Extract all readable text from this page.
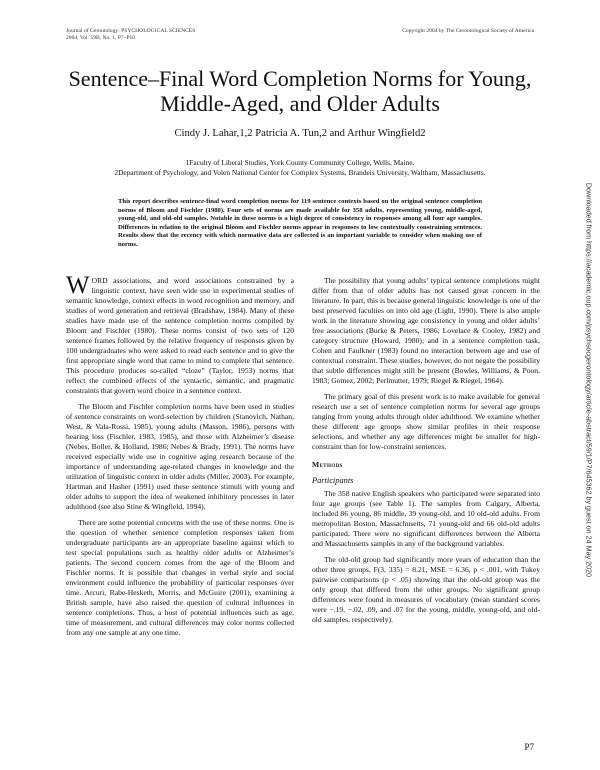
Journal of Gerontology: PSYCHOLOGICAL SCIENCES
2004, Vol. 59B, No. 1, P7–P10
Copyright 2004 by The Gerontological Society of America
Sentence–Final Word Completion Norms for Young, Middle-Aged, and Older Adults
Cindy J. Lahar,1,2 Patricia A. Tun,2 and Arthur Wingfield2
1Faculty of Liberal Studies, York County Community College, Wells, Maine.
2Department of Psychology, and Volen National Center for Complex Systems, Brandeis University, Waltham, Massachusetts.
This report describes sentence-final word completion norms for 119 sentence contexts based on the original sentence completion norms of Bloom and Fischler (1980). Four sets of norms are made available for 358 adults, representing young, middle-aged, young-old, and old-old samples. Notable in these norms is a high degree of consistency in responses among all four age samples. Differences in relation to the original Bloom and Fischler norms appear in responses to low contextually constraining sentences. Results show that the recency with which normative data are collected is an important variable to consider when making use of norms.

WORD associations, and word associations constrained by a linguistic context, have seen wide use in experimental studies of semantic knowledge, context effects in word recognition and memory, and studies of word generation and retrieval (Bradshaw, 1984). Many of these studies have made use of the sentence completion norms compiled by Bloom and Fischler (1980). These norms consist of two sets of 120 sentence frames followed by the relative frequency of responses given by 100 undergraduates who were asked to read each sentence and to give the first appropriate single word that came to mind to complete that sentence. This procedure produces so-called “cloze” (Taylor, 1953) norms that reflect the combined effects of the syntactic, semantic, and pragmatic constraints that govern word choice in a sentence context.

The Bloom and Fischler completion norms have been used in studies of sentence constraints on word-selection by children (Stanovich, Nathan, West, & Vala-Rossi, 1985), young adults (Masson, 1986), persons with hearing loss (Fischler, 1983, 1985), and those with Alzheimer’s disease (Nebes, Boller, & Holland, 1986; Nebes & Brady, 1991). The norms have received especially wide use in cognitive aging research because of the importance of understanding age-related changes in knowledge and the utilization of linguistic context in older adults (Miller, 2003). For example, Hartman and Hasher (1991) used these sentence stimuli with young and older adults to support the idea of weakened inhibitory processes in later adulthood (see also Stine & Wingfield, 1994).

There are some potential concerns with the use of these norms. One is the question of whether sentence completion responses taken from undergraduate participants are an appropriate baseline against which to test special populations such as healthy older adults or Alzheimer’s patients. The second concern comes from the age of the Bloom and Fischler norms. It is possible that changes in verbal style and social environment could influence the probability of particular responses over time. Arcuri, Rabe-Hesketh, Morris, and McGuire (2001), examining a British sample, have also raised the question of cultural influences in sentence completions. Thus, a host of potential influences such as age, time of measurement, and cultural differences may color norms collected from any one sample at any one time.

The possibility that young adults’ typical sentence completions might differ from that of older adults has not caused great concern in the literature. In part, this is because general linguistic knowledge is one of the best preserved faculties on into old age (Light, 1990). There is also ample work in the literature showing age consistency in young and older adults’ free associations (Burke & Peters, 1986; Lovelace & Cooley, 1982) and category structure (Howard, 1980); and in a sentence completion task, Cohen and Faulkner (1983) found no interaction between age and use of contextual constraint. These studies, however, do not negate the possibility that subtle differences might still be present (Bowles, Williams, & Poon, 1983; Gomez, 2002; Perlmutter, 1979; Riegel & Riegel, 1964).

The primary goal of this present work is to make available for general research use a set of sentence completion norms for several age groups ranging from young adults through older adulthood. We examine whether these different age groups show similar profiles in their response selections, and whether any age differences might be smaller for high-constraint than for low-constraint sentences.

Methods
Participants

The 358 native English speakers who participated were separated into four age groups (see Table 1). The samples from Calgary, Alberta, included 86 young, 86 middle, 39 young-old, and 10 old-old adults. From metropolitan Boston, Massachusetts, 71 young-old and 66 old-old adults participated. There were no significant differences between the Alberta and Massachusetts samples in any of the background variables.

The old-old group had significantly more years of education than the other three groups, F(3, 335) = 8.21, MSE = 6.36, p < .001, with Tukey pairwise comparisons (p < .05) showing that the old-old group was the only group that differed from the other groups. No significant group differences were found in measures of vocabulary (mean standard scores were −.19, −.02, .09, and .07 for the young, middle, young-old, and old-old samples, respectively).

Downloaded from https://academic.oup.com/psychsocgerontology/article-abstract/59/1/P7/645362 by guest on 24 May 2020
P7
